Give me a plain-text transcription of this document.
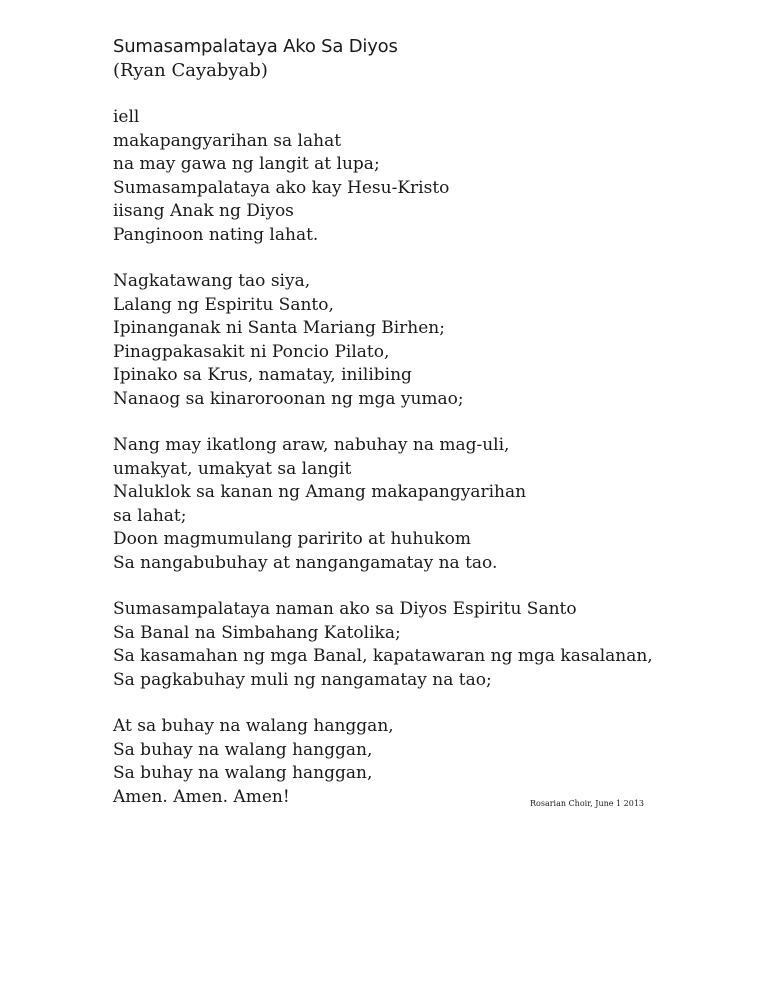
Sumasampalataya Ako Sa Diyos

(Ryan Cayabyab)

iell
makapangyarihan sa lahat
na may gawa ng langit at lupa;
Sumasampalataya ako kay Hesu-Kristo
iisang Anak ng Diyos
Panginoon nating lahat.
Nagkatawang tao siya,
Lalang ng Espiritu Santo,
Ipinanganak ni Santa Mariang Birhen;
Pinagpakasakit ni Poncio Pilato,
Ipinako sa Krus, namatay, inilibing
Nanaog sa kinaroroonan ng mga yumao;
Nang may ikatlong araw, nabuhay na mag-uli,
umakyat, umakyat sa langit
Naluklok sa kanan ng Amang makapangyarihan
sa lahat;
Doon magmumulang paririto at huhukom
Sa nangabubuhay at nangangamatay na tao.
Sumasampalataya naman ako sa Diyos Espiritu Santo
Sa Banal na Simbahang Katolika;
Sa kasamahan ng mga Banal, kapatawaran ng mga kasalanan,
Sa pagkabuhay muli ng nangamatay na tao;
At sa buhay na walang hanggan,
Sa buhay na walang hanggan,
Sa buhay na walang hanggan,
Amen. Amen. Amen!	Rosarian Choir, June 1 2013
